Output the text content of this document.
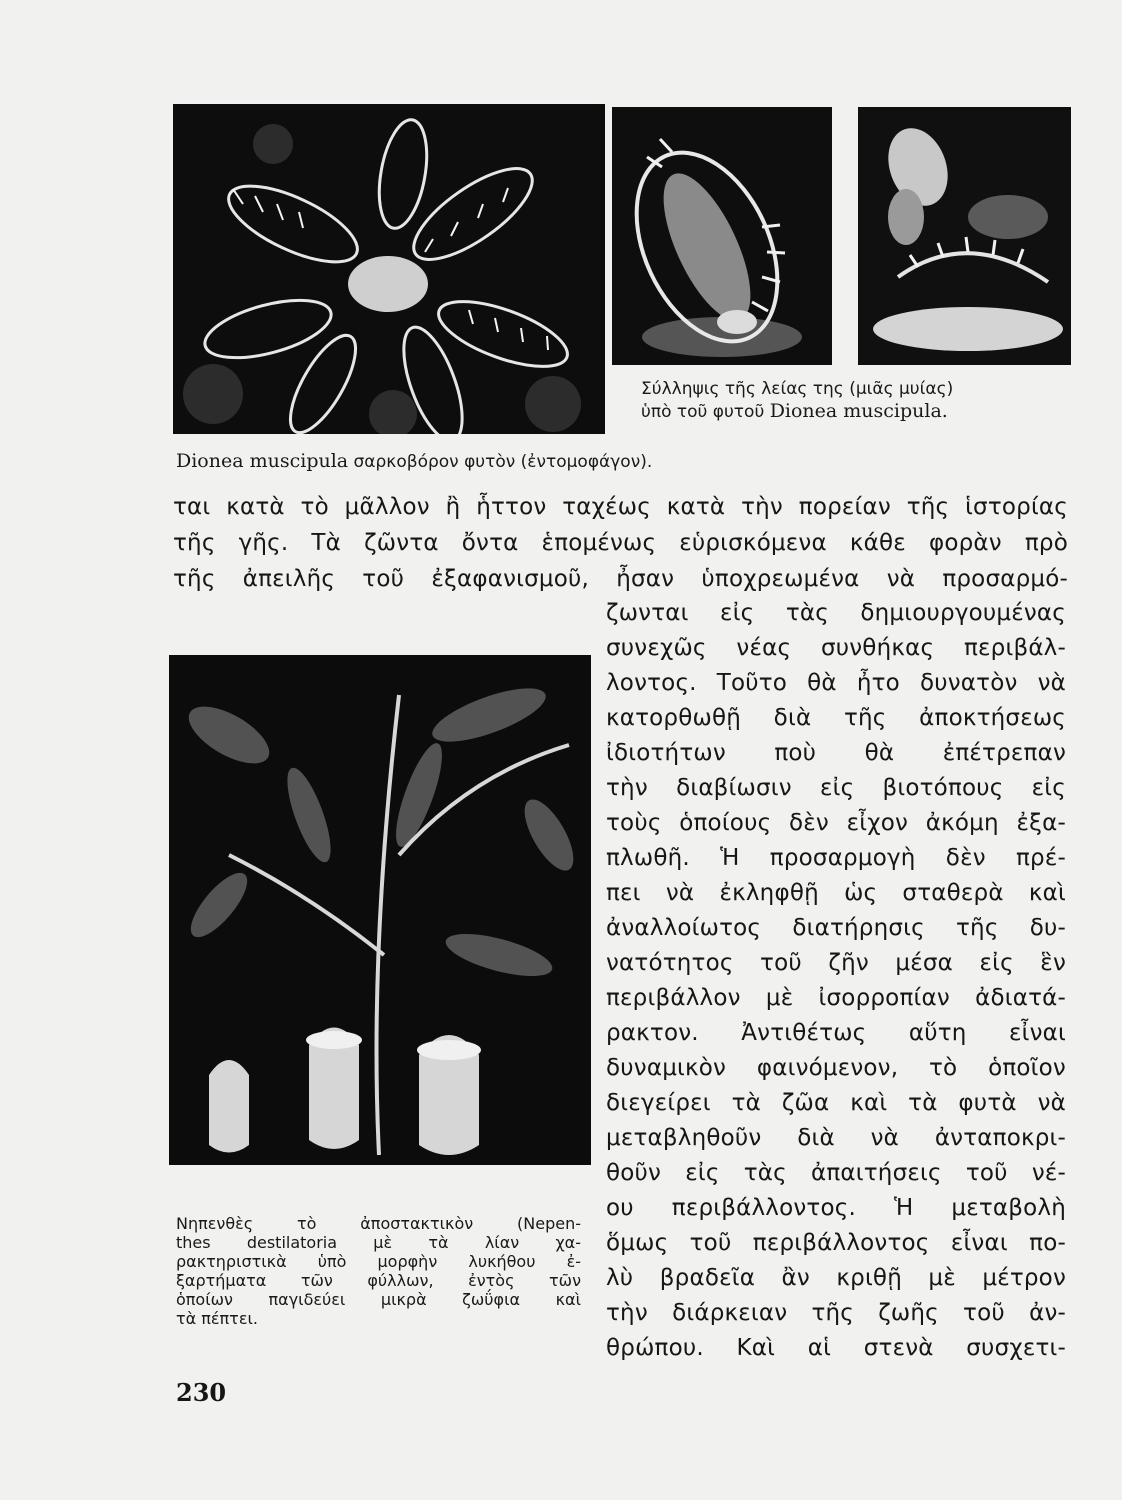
Σύλληψις τῆς λείας της (μιᾶς μυίας)
ὑπὸ τοῦ φυτοῦ Dionea muscipula.

Dionea muscipula σαρκοβόρον φυτὸν (ἐντομοφάγον).

ται κατὰ τὸ μᾶλλον ἢ ἧττον ταχέως κατὰ τὴν πορείαν τῆς ἱστορίας
τῆς γῆς. Τὰ ζῶντα ὄντα ἑπομένως εὑρισκόμενα κάθε φορὰν πρὸ
τῆς ἀπειλῆς τοῦ ἐξαφανισμοῦ, ἦσαν ὑποχρεωμένα νὰ προσαρμό-
Νηπενθὲς τὸ ἀποστακτικὸν (Nepen-
thes destilatoria μὲ τὰ λίαν χα-
ρακτηριστικὰ ὑπὸ μορφὴν λυκήθου ἐ-
ξαρτήματα τῶν φύλλων, ἐντὸς τῶν
ὁποίων παγιδεύει μικρὰ ζωΰφια καὶ
τὰ πέπτει.
ζωνται εἰς τὰς δημιουργουμένας
συνεχῶς νέας συνθήκας περιβάλ-
λοντος. Τοῦτο θὰ ἦτο δυνατὸν νὰ
κατορθωθῇ διὰ τῆς ἀποκτήσεως
ἰδιοτήτων ποὺ θὰ ἐπέτρεπαν
τὴν διαβίωσιν εἰς βιοτόπους εἰς
τοὺς ὁποίους δὲν εἶχον ἀκόμη ἐξα-
πλωθῆ. Ἡ προσαρμογὴ δὲν πρέ-
πει νὰ ἐκληφθῇ ὡς σταθερὰ καὶ
ἀναλλοίωτος διατήρησις τῆς δυ-
νατότητος τοῦ ζῆν μέσα εἰς ἓν
περιβάλλον μὲ ἰσορροπίαν ἀδιατά-
ρακτον. Ἀντιθέτως αὕτη εἶναι
δυναμικὸν φαινόμενον, τὸ ὁποῖον
διεγείρει τὰ ζῶα καὶ τὰ φυτὰ νὰ
μεταβληθοῦν διὰ νὰ ἀνταποκρι-
θοῦν εἰς τὰς ἀπαιτήσεις τοῦ νέ-
ου περιβάλλοντος. Ἡ μεταβολὴ
ὅμως τοῦ περιβάλλοντος εἶναι πο-
λὺ βραδεῖα ἂν κριθῇ μὲ μέτρον
τὴν διάρκειαν τῆς ζωῆς τοῦ ἀν-
θρώπου. Καὶ αἱ στενὰ συσχετι-
230
